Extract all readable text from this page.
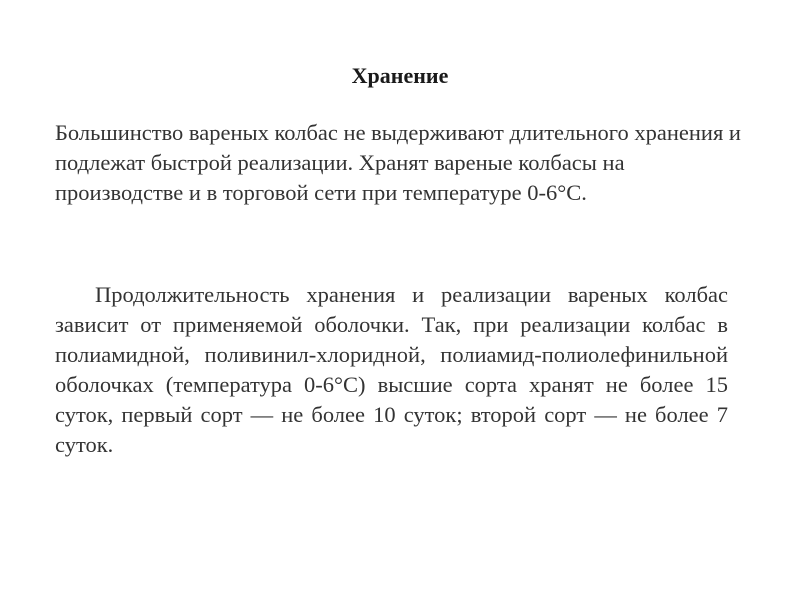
Хранение
Большинство вареных колбас не выдерживают длительного хранения и подлежат быстрой реализации. Хранят вареные колбасы на производстве и в торговой сети при температуре 0-6°С.
Продолжительность хранения и реализации вареных колбас зависит от применяемой оболочки. Так, при реализации колбас в полиамидной, поливинил-хлоридной, полиамид-полиолефинильной оболочках (температура 0-6°С) высшие сорта хранят не более 15 суток, первый сорт — не более 10 суток; второй сорт — не более 7 суток.
